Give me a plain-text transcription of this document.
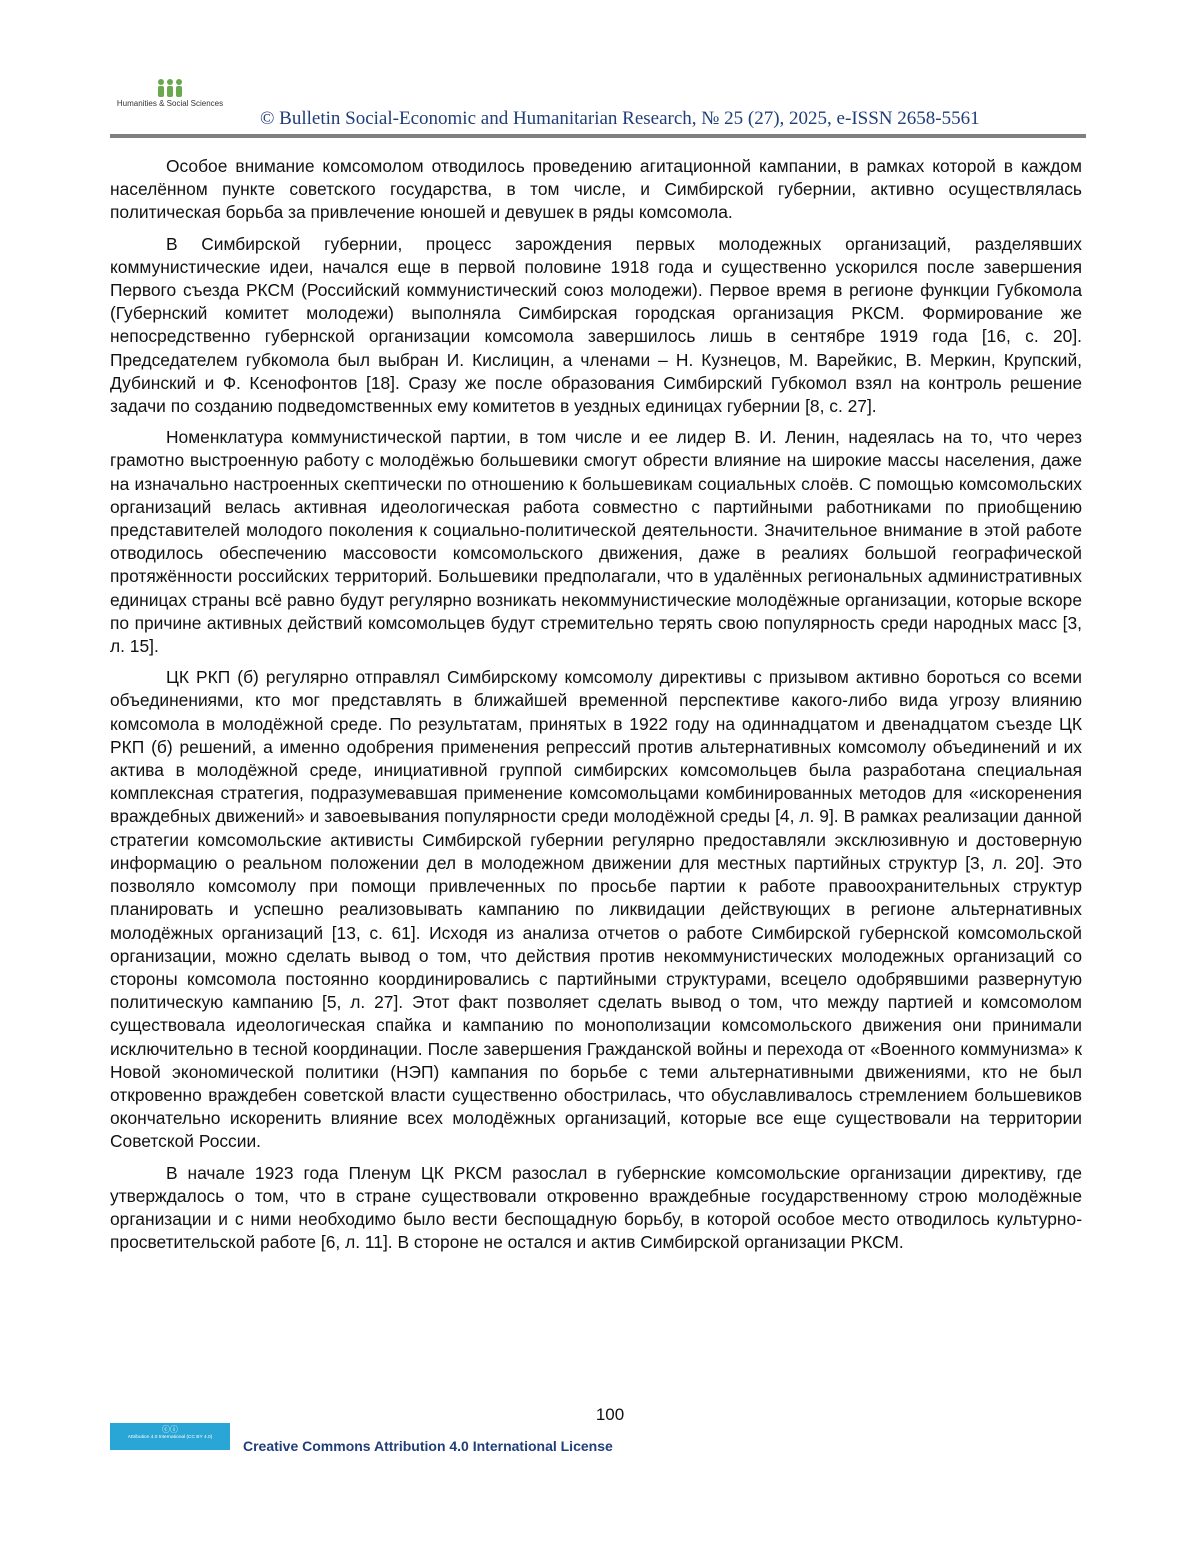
Humanities & Social Sciences
© Bulletin Social-Economic and Humanitarian Research, № 25 (27), 2025, e-ISSN 2658-5561

Особое внимание комсомолом отводилось проведению агитационной кампании, в рамках которой в каждом населённом пункте советского государства, в том числе, и Симбирской губернии, активно осуществлялась политическая борьба за привлечение юношей и девушек в ряды комсомола.

В Симбирской губернии, процесс зарождения первых молодежных организаций, разделявших коммунистические идеи, начался еще в первой половине 1918 года и существенно ускорился после завершения Первого съезда РКСМ (Российский коммунистический союз молодежи). Первое время в регионе функции Губкомола (Губернский комитет молодежи) выполняла Симбирская городская организация РКСМ. Формирование же непосредственно губернской организации комсомола завершилось лишь в сентябре 1919 года [16, с. 20]. Председателем губкомола был выбран И. Кислицин, а членами – Н. Кузнецов, М. Варейкис, В. Меркин, Крупский, Дубинский и Ф. Ксенофонтов [18]. Сразу же после образования Симбирский Губкомол взял на контроль решение задачи по созданию подведомственных ему комитетов в уездных единицах губернии [8, с. 27].

Номенклатура коммунистической партии, в том числе и ее лидер В. И. Ленин, надеялась на то, что через грамотно выстроенную работу с молодёжью большевики смогут обрести влияние на широкие массы населения, даже на изначально настроенных скептически по отношению к большевикам социальных слоёв. С помощью комсомольских организаций велась активная идеологическая работа совместно с партийными работниками по приобщению представителей молодого поколения к социально-политической деятельности. Значительное внимание в этой работе отводилось обеспечению массовости комсомольского движения, даже в реалиях большой географической протяжённости российских территорий. Большевики предполагали, что в удалённых региональных административных единицах страны всё равно будут регулярно возникать некоммунистические молодёжные организации, которые вскоре по причине активных действий комсомольцев будут стремительно терять свою популярность среди народных масс [3, л. 15].

ЦК РКП (б) регулярно отправлял Симбирскому комсомолу директивы с призывом активно бороться со всеми объединениями, кто мог представлять в ближайшей временной перспективе какого-либо вида угрозу влиянию комсомола в молодёжной среде. По результатам, принятых в 1922 году на одиннадцатом и двенадцатом съезде ЦК РКП (б) решений, а именно одобрения применения репрессий против альтернативных комсомолу объединений и их актива в молодёжной среде, инициативной группой симбирских комсомольцев была разработана специальная комплексная стратегия, подразумевавшая применение комсомольцами комбинированных методов для «искоренения враждебных движений» и завоевывания популярности среди молодёжной среды [4, л. 9]. В рамках реализации данной стратегии комсомольские активисты Симбирской губернии регулярно предоставляли эксклюзивную и достоверную информацию о реальном положении дел в молодежном движении для местных партийных структур [3, л. 20]. Это позволяло комсомолу при помощи привлеченных по просьбе партии к работе правоохранительных структур планировать и успешно реализовывать кампанию по ликвидации действующих в регионе альтернативных молодёжных организаций [13, с. 61]. Исходя из анализа отчетов о работе Симбирской губернской комсомольской организации, можно сделать вывод о том, что действия против некоммунистических молодежных организаций со стороны комсомола постоянно координировались с партийными структурами, всецело одобрявшими развернутую политическую кампанию [5, л. 27]. Этот факт позволяет сделать вывод о том, что между партией и комсомолом существовала идеологическая спайка и кампанию по монополизации комсомольского движения они принимали исключительно в тесной координации. После завершения Гражданской войны и перехода от «Военного коммунизма» к Новой экономической политики (НЭП) кампания по борьбе с теми альтернативными движениями, кто не был откровенно враждебен советской власти существенно обострилась, что обуславливалось стремлением большевиков окончательно искоренить влияние всех молодёжных организаций, которые все еще существовали на территории Советской России.

В начале 1923 года Пленум ЦК РКСМ разослал в губернские комсомольские организации директиву, где утверждалось о том, что в стране существовали откровенно враждебные государственному строю молодёжные организации и с ними необходимо было вести беспощадную борьбу, в которой особое место отводилось культурно-просветительской работе [6, л. 11]. В стороне не остался и актив Симбирской организации РКСМ.

100
ⓒⓘ
Attribution 4.0 International (CC BY 4.0)
Creative Commons Attribution 4.0 International License
